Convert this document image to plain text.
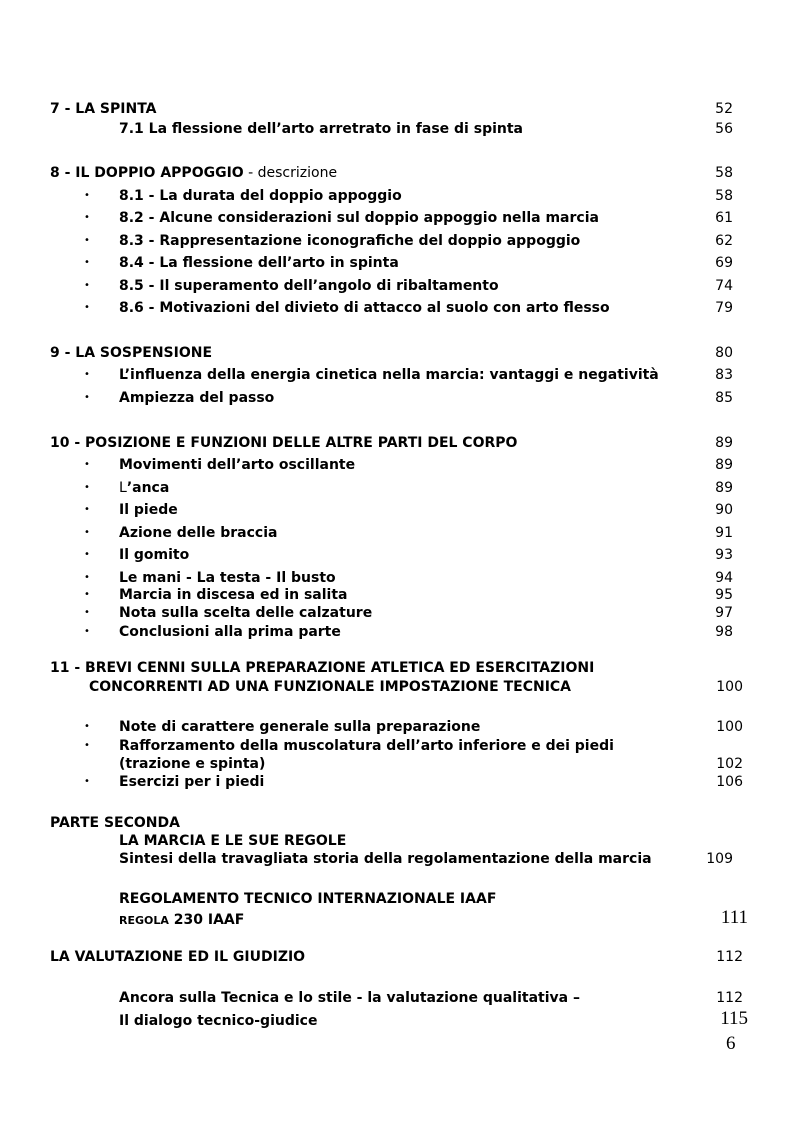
7 - LA SPINTA	52
7.1 La flessione dell’arto arretrato in fase di spinta	56
8 - IL DOPPIO APPOGGIO - descrizione	58
• 8.1 - La durata del doppio appoggio	58
• 8.2 - Alcune considerazioni sul doppio appoggio nella marcia	61
• 8.3 - Rappresentazione iconografiche del doppio appoggio	62
• 8.4 - La flessione dell’arto in spinta	69
• 8.5 - Il superamento dell’angolo di ribaltamento	74
• 8.6 - Motivazioni del divieto di attacco al suolo con arto flesso	79
9 - LA SOSPENSIONE	80
• L’influenza della energia cinetica nella marcia: vantaggi e negatività	83
• Ampiezza del passo	85
10 - POSIZIONE E FUNZIONI DELLE ALTRE PARTI DEL CORPO	89
• Movimenti dell’arto oscillante	89
• L’anca	89
• Il piede	90
• Azione delle braccia	91
• Il gomito	93
• Le mani - La testa - Il busto	94
• Marcia in discesa ed in salita	95
• Nota sulla scelta delle calzature	97
• Conclusioni alla prima parte	98
11 - BREVI CENNI SULLA PREPARAZIONE ATLETICA ED ESERCITAZIONI
CONCORRENTI AD UNA FUNZIONALE IMPOSTAZIONE TECNICA	100
• Note di carattere generale sulla preparazione	100
• Rafforzamento della muscolatura dell’arto inferiore e dei piedi
(trazione e spinta)	102
• Esercizi per i piedi	106
PARTE SECONDA
LA MARCIA E LE SUE REGOLE
Sintesi della travagliata storia della regolamentazione della marcia	109
REGOLAMENTO TECNICO INTERNAZIONALE IAAF
REGOLA 230 IAAF	111
LA VALUTAZIONE ED IL GIUDIZIO	112
Ancora sulla Tecnica e lo stile - la valutazione qualitativa –	112
Il dialogo tecnico-giudice	115
6
